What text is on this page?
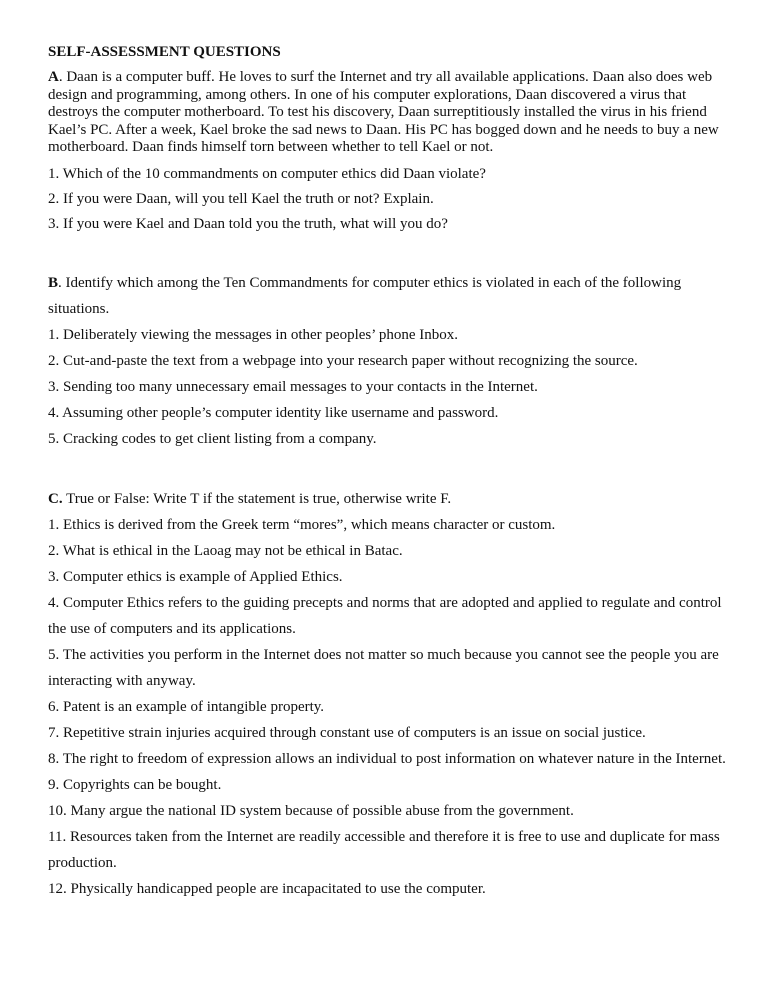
SELF-ASSESSMENT QUESTIONS

A. Daan is a computer buff. He loves to surf the Internet and try all available applications. Daan also does web design and programming, among others. In one of his computer explorations, Daan discovered a virus that destroys the computer motherboard. To test his discovery, Daan surreptitiously installed the virus in his friend Kael’s PC. After a week, Kael broke the sad news to Daan. His PC has bogged down and he needs to buy a new motherboard. Daan finds himself torn between whether to tell Kael or not.

1. Which of the 10 commandments on computer ethics did Daan violate?

2. If you were Daan, will you tell Kael the truth or not? Explain.

3. If you were Kael and Daan told you the truth, what will you do?

B. Identify which among the Ten Commandments for computer ethics is violated in each of the following situations.

1. Deliberately viewing the messages in other peoples’ phone Inbox.

2. Cut-and-paste the text from a webpage into your research paper without recognizing the source.

3. Sending too many unnecessary email messages to your contacts in the Internet.

4. Assuming other people’s computer identity like username and password.

5. Cracking codes to get client listing from a company.

C. True or False: Write T if the statement is true, otherwise write F.

1. Ethics is derived from the Greek term “mores”, which means character or custom.

2. What is ethical in the Laoag may not be ethical in Batac.

3. Computer ethics is example of Applied Ethics.

4. Computer Ethics refers to the guiding precepts and norms that are adopted and applied to regulate and control the use of computers and its applications.

5. The activities you perform in the Internet does not matter so much because you cannot see the people you are interacting with anyway.

6. Patent is an example of intangible property.

7. Repetitive strain injuries acquired through constant use of computers is an issue on social justice.

8. The right to freedom of expression allows an individual to post information on whatever nature in the Internet.

9. Copyrights can be bought.

10. Many argue the national ID system because of possible abuse from the government.

11. Resources taken from the Internet are readily accessible and therefore it is free to use and duplicate for mass production.

12. Physically handicapped people are incapacitated to use the computer.
